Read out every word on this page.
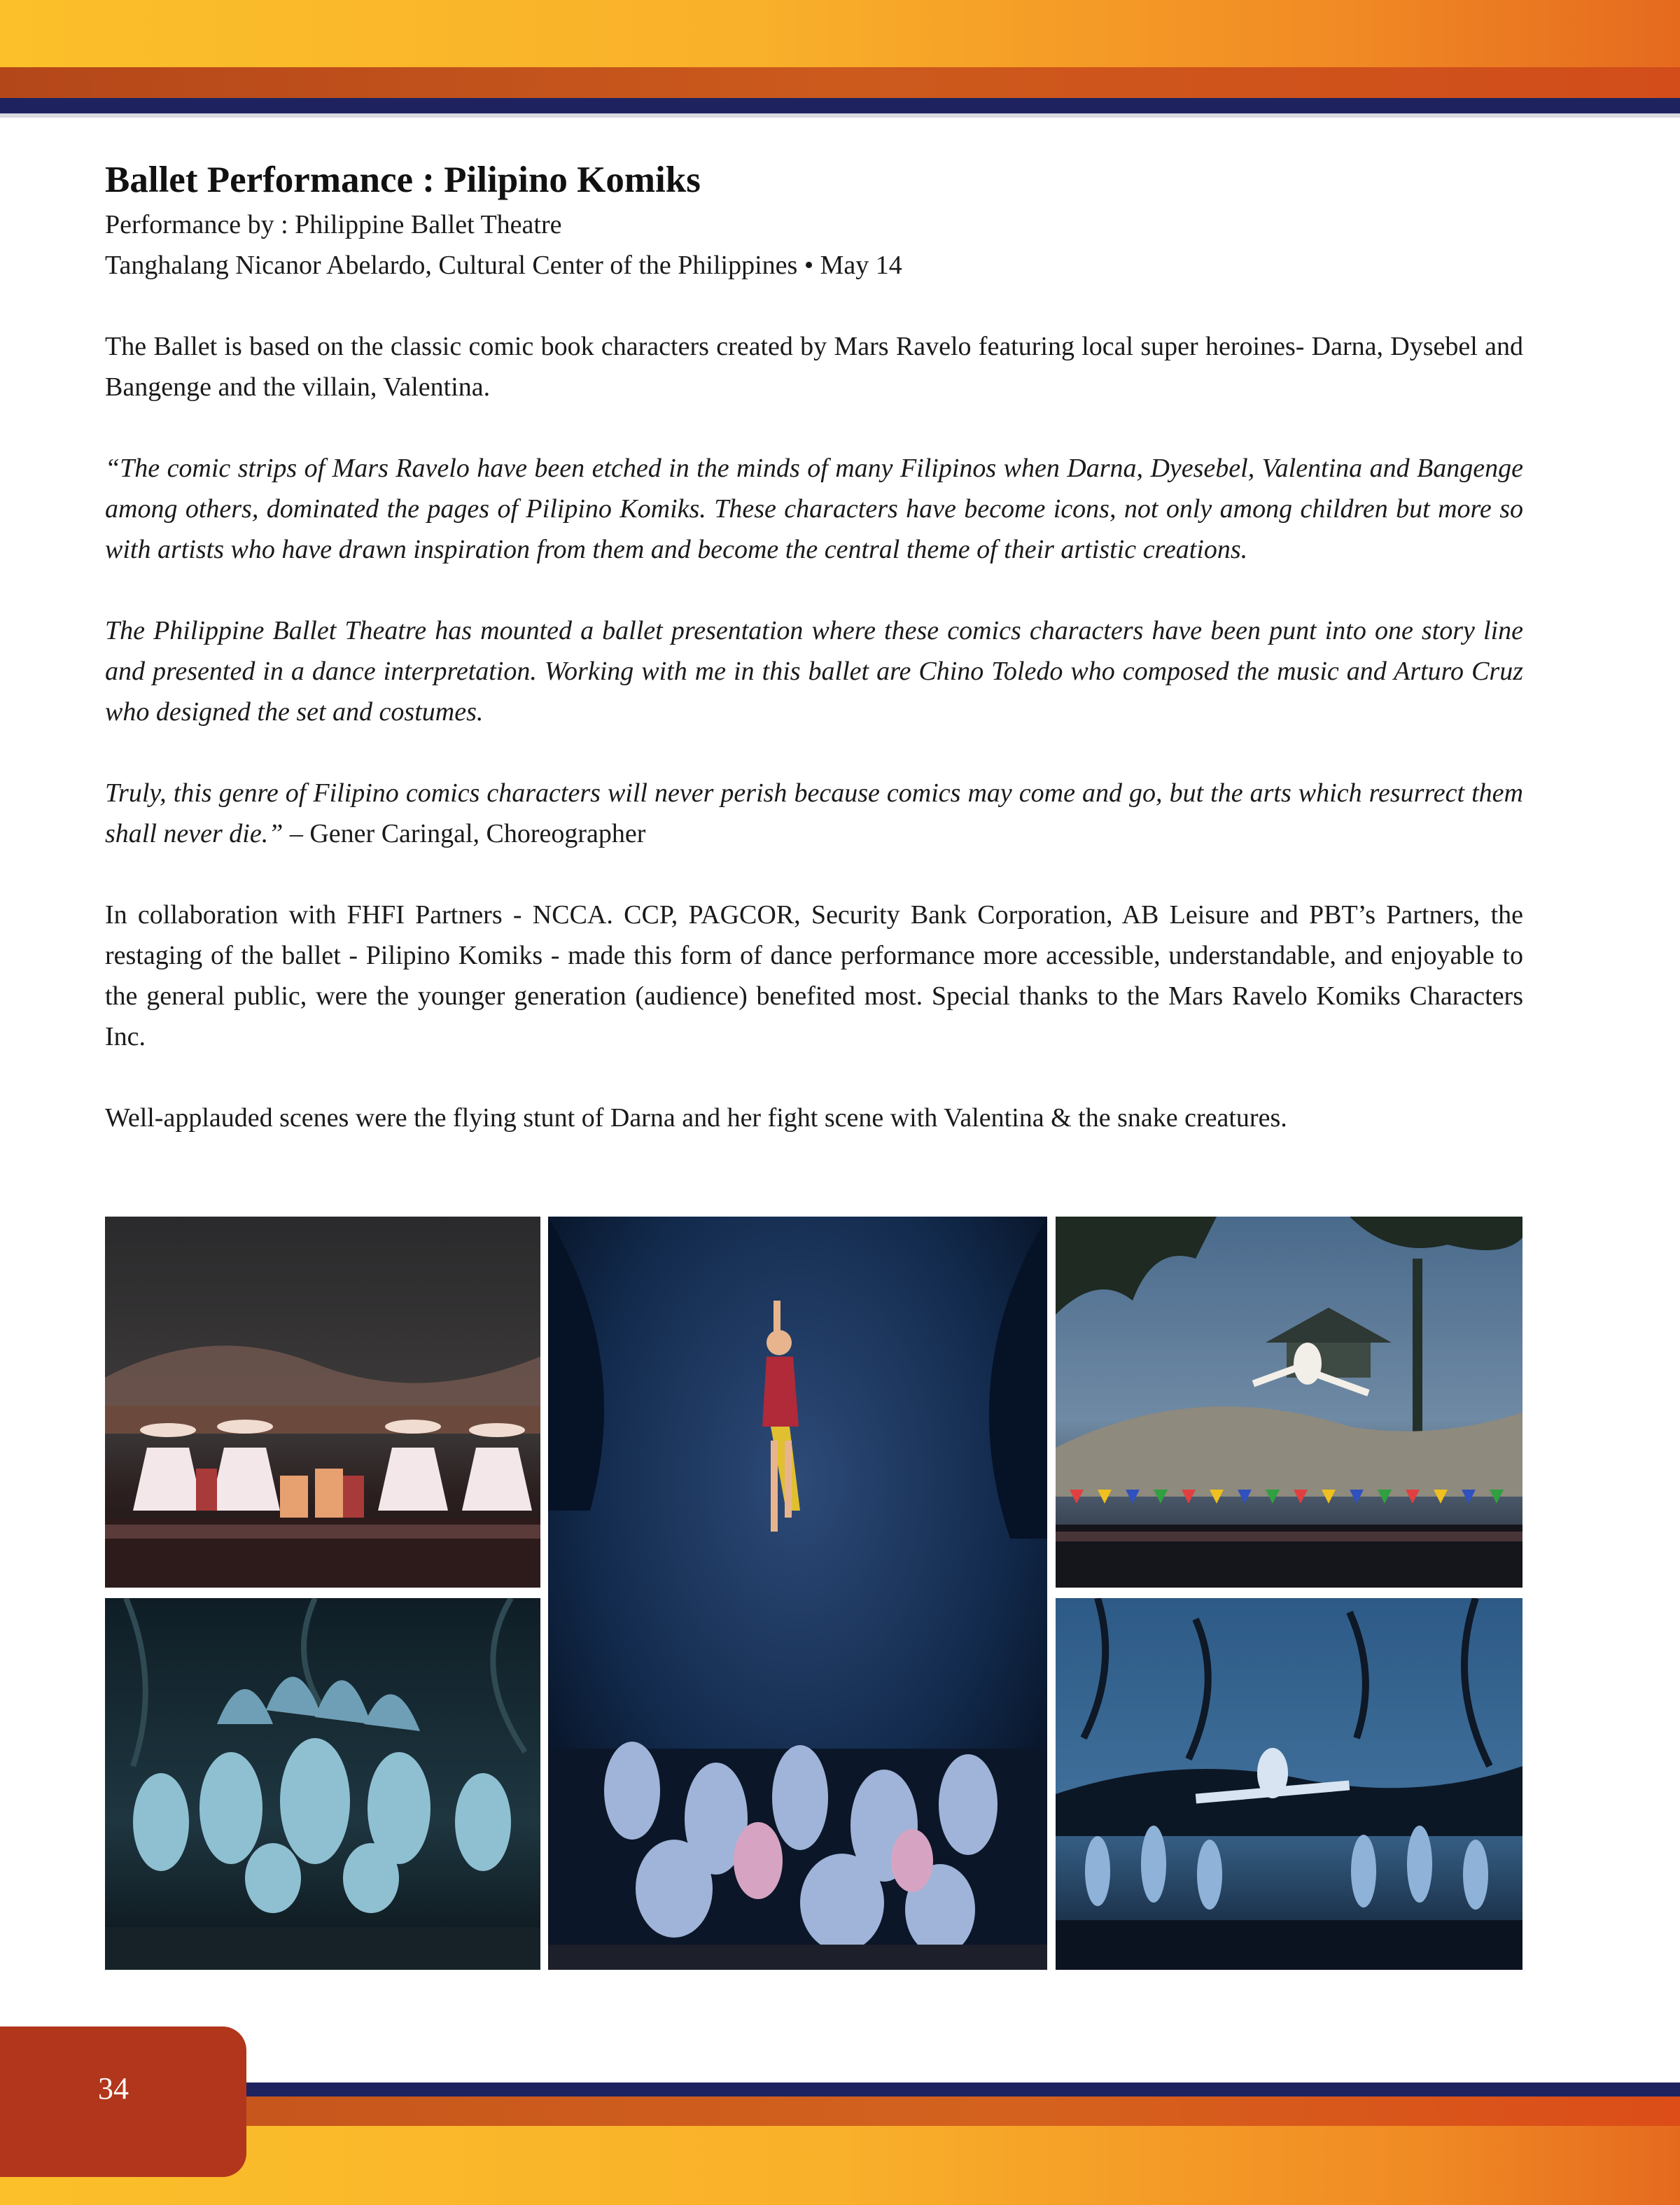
Ballet Performance : Pilipino Komiks
Performance by : Philippine Ballet Theatre
Tanghalang Nicanor Abelardo, Cultural Center of the Philippines • May 14

The Ballet is based on the classic comic book characters created by Mars Ravelo featuring local super heroines- Darna, Dysebel and Bangenge and the villain, Valentina.

“The comic strips of Mars Ravelo have been etched in the minds of many Filipinos when Darna, Dyesebel, Valentina and Bangenge among others, dominated the pages of Pilipino Komiks. These characters have become icons, not only among children but more so with artists who have drawn inspiration from them and become the central theme of their artistic creations.

The Philippine Ballet Theatre has mounted a ballet presentation where these comics characters have been punt into one story line and presented in a dance interpretation. Working with me in this ballet are Chino Toledo who composed the music and Arturo Cruz who designed the set and costumes.

Truly, this genre of Filipino comics characters will never perish because comics may come and go, but the arts which resurrect them shall never die.” – Gener Caringal, Choreographer

In collaboration with FHFI Partners - NCCA. CCP, PAGCOR, Security Bank Corporation, AB Leisure and PBT’s Partners, the restaging of the ballet - Pilipino Komiks - made this form of dance performance more accessible, understandable, and enjoyable to the general public, were the younger generation (audience) benefited most. Special thanks to the Mars Ravelo Komiks Characters Inc.

Well-applauded scenes were the flying stunt of Darna and her fight scene with Valentina & the snake creatures.

34
